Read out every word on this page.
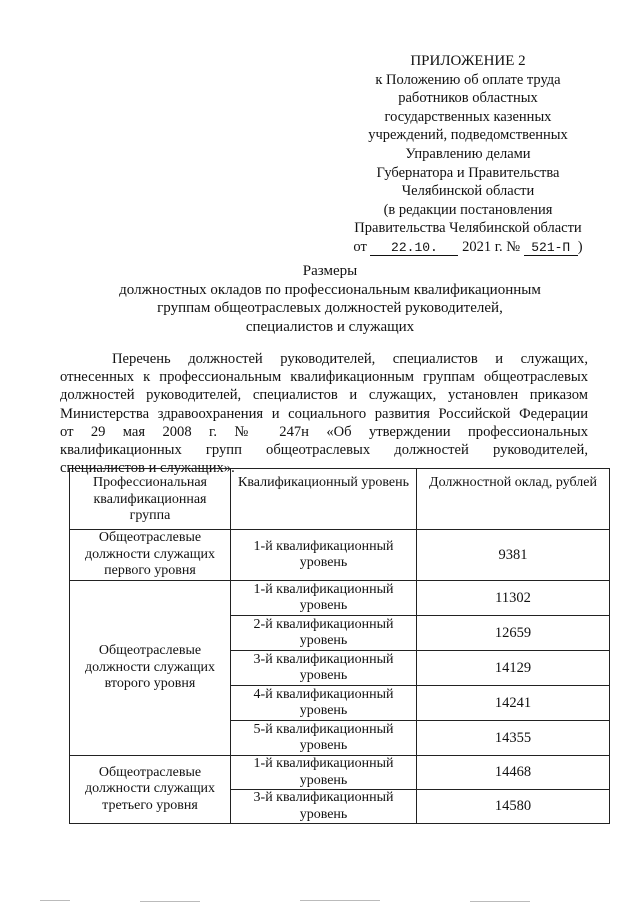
ПРИЛОЖЕНИЕ 2
к Положению об оплате труда
работников областных
государственных казенных
учреждений, подведомственных
Управлению делами
Губернатора и Правительства
Челябинской области
(в редакции постановления
Правительства Челябинской области
от 22.10. 2021 г. № 521-П )
Размеры
должностных окладов по профессиональным квалификационным
группам общеотраслевых должностей руководителей,
специалистов и служащих
Перечень должностей руководителей, специалистов и служащих,
отнесенных к профессиональным квалификационным группам общеотраслевых
должностей руководителей, специалистов и служащих, установлен приказом
Министерства здравоохранения и социального развития Российской Федерации
от 29 мая 2008 г. № 247н «Об утверждении профессиональных
квалификационных групп общеотраслевых должностей руководителей,
специалистов и служащих».
Профессиональная квалификационная группа	Квалификационный уровень	Должностной оклад, рублей
Общеотраслевые должности служащих первого уровня	1-й квалификационный уровень	9381
Общеотраслевые должности служащих второго уровня	1-й квалификационный уровень	11302
	2-й квалификационный уровень	12659
	3-й квалификационный уровень	14129
	4-й квалификационный уровень	14241
	5-й квалификационный уровень	14355
Общеотраслевые должности служащих третьего уровня	1-й квалификационный уровень	14468
	3-й квалификационный уровень	14580
